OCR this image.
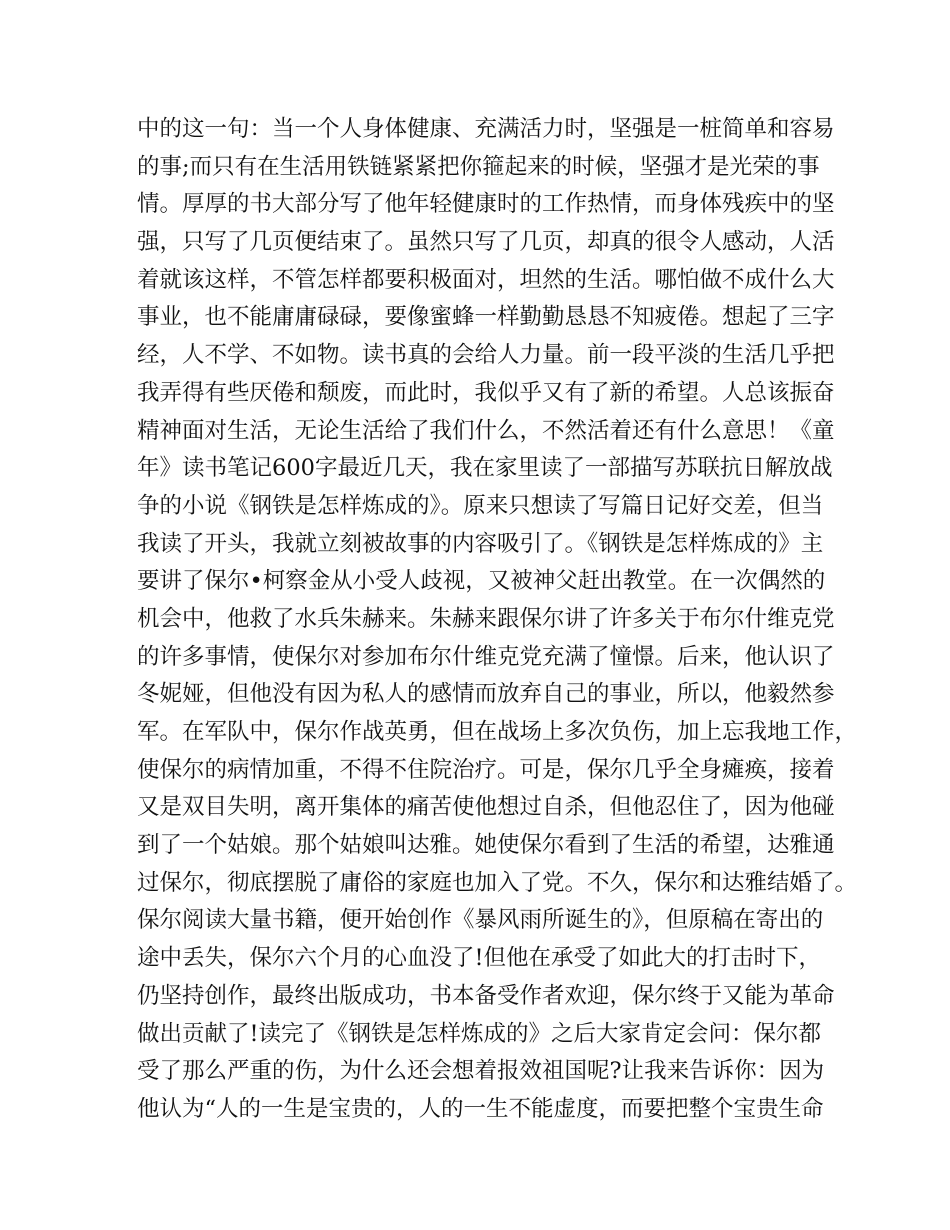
中的这一句：当一个人身体健康、充满活力时，坚强是一桩简单和容易
的事;而只有在生活用铁链紧紧把你箍起来的时候，坚强才是光荣的事
情。厚厚的书大部分写了他年轻健康时的工作热情，而身体残疾中的坚
强，只写了几页便结束了。虽然只写了几页，却真的很令人感动，人活
着就该这样，不管怎样都要积极面对，坦然的生活。哪怕做不成什么大
事业，也不能庸庸碌碌，要像蜜蜂一样勤勤恳恳不知疲倦。想起了三字
经，人不学、不如物。读书真的会给人力量。前一段平淡的生活几乎把
我弄得有些厌倦和颓废，而此时，我似乎又有了新的希望。人总该振奋
精神面对生活，无论生活给了我们什么，不然活着还有什么意思！《童
年》读书笔记600字最近几天，我在家里读了一部描写苏联抗日解放战
争的小说《钢铁是怎样炼成的》。原来只想读了写篇日记好交差，但当
我读了开头，我就立刻被故事的内容吸引了。《钢铁是怎样炼成的》主
要讲了保尔•柯察金从小受人歧视，又被神父赶出教堂。在一次偶然的
机会中，他救了水兵朱赫来。朱赫来跟保尔讲了许多关于布尔什维克党
的许多事情，使保尔对参加布尔什维克党充满了憧憬。后来，他认识了
冬妮娅，但他没有因为私人的感情而放弃自己的事业，所以，他毅然参
军。在军队中，保尔作战英勇，但在战场上多次负伤，加上忘我地工作，
使保尔的病情加重，不得不住院治疗。可是，保尔几乎全身瘫痪，接着
又是双目失明，离开集体的痛苦使他想过自杀，但他忍住了，因为他碰
到了一个姑娘。那个姑娘叫达雅。她使保尔看到了生活的希望，达雅通
过保尔，彻底摆脱了庸俗的家庭也加入了党。不久，保尔和达雅结婚了。
保尔阅读大量书籍，便开始创作《暴风雨所诞生的》，但原稿在寄出的
途中丢失，保尔六个月的心血没了!但他在承受了如此大的打击时下，
仍坚持创作，最终出版成功，书本备受作者欢迎，保尔终于又能为革命
做出贡献了!读完了《钢铁是怎样炼成的》之后大家肯定会问：保尔都
受了那么严重的伤，为什么还会想着报效祖国呢?让我来告诉你：因为
他认为“人的一生是宝贵的，人的一生不能虚度，而要把整个宝贵生命
